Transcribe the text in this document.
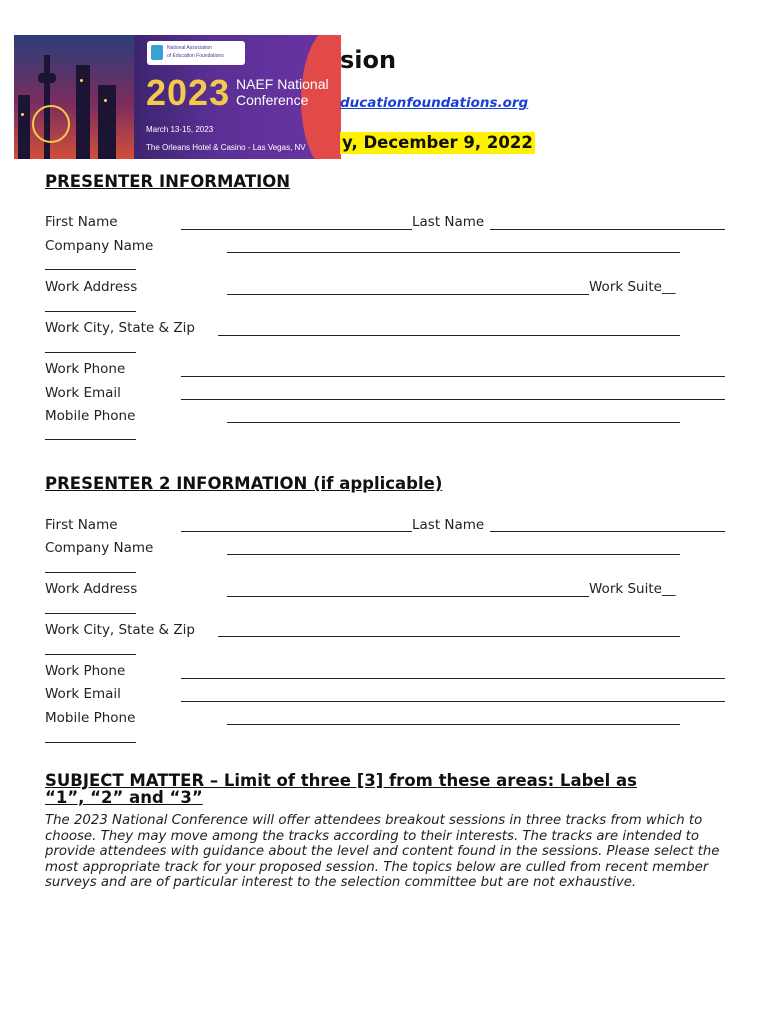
National Association
of Education Foundations
2023 NAEF National
Conference
March 13-15, 2023
The Orleans Hotel & Casino - Las Vegas, NV
sion
ducationfoundations.org
y, December 9, 2022
PRESENTER INFORMATION
First Name	Last Name
Company Name
Work Address	Work Suite__
Work City, State & Zip
Work Phone
Work Email
Mobile Phone
PRESENTER 2 INFORMATION (if applicable)
First Name	Last Name
Company Name
Work Address	Work Suite__
Work City, State & Zip
Work Phone
Work Email
Mobile Phone
SUBJECT MATTER – Limit of three [3] from these areas: Label as
“1”, “2” and “3”
The 2023 National Conference will offer attendees breakout sessions in three tracks from which to choose. They may move among the tracks according to their interests. The tracks are intended to provide attendees with guidance about the level and content found in the sessions. Please select the most appropriate track for your proposed session. The topics below are culled from recent member surveys and are of particular interest to the selection committee but are not exhaustive.
